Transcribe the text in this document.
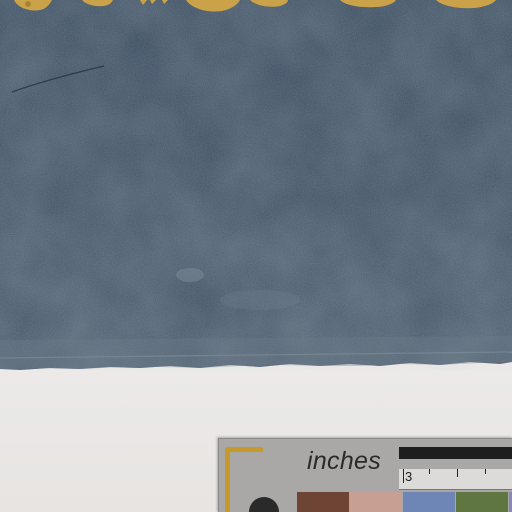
inches
3
